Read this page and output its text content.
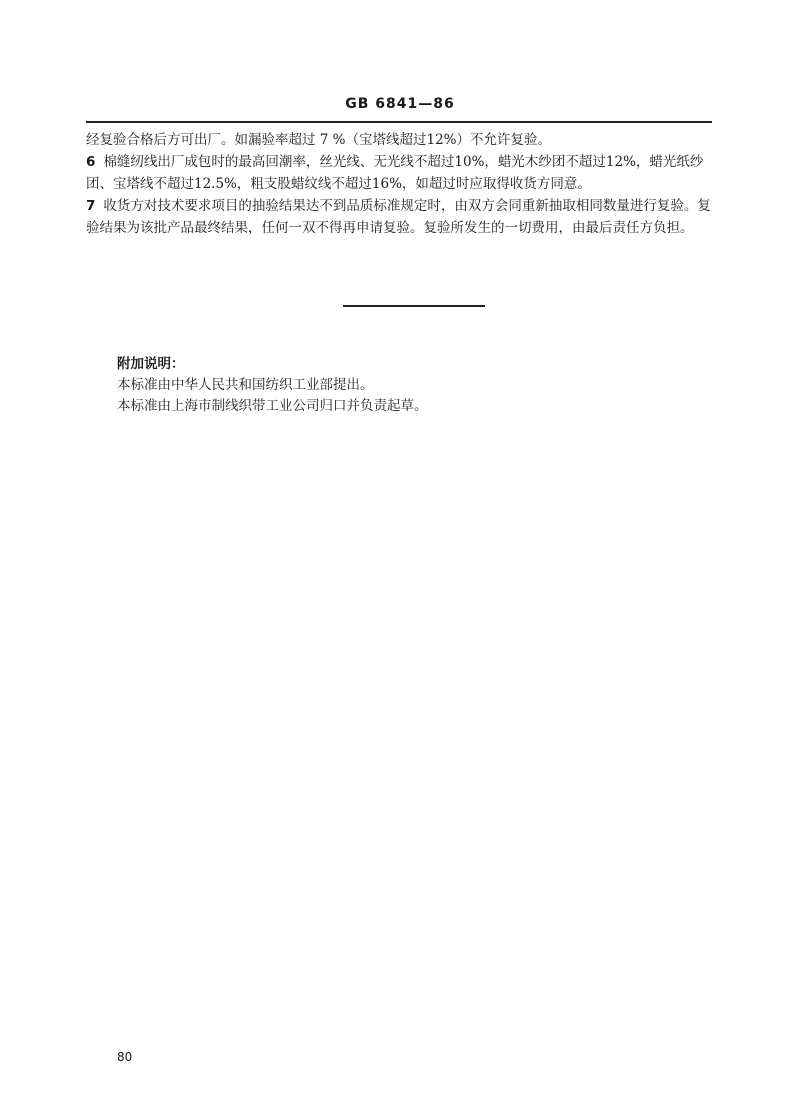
GB 6841—86

经复验合格后方可出厂。如漏验率超过 7 %（宝塔线超过12%）不允许复验。

6 棉缝纫线出厂成包时的最高回潮率，丝光线、无光线不超过10%，蜡光木纱团不超过12%，蜡光纸纱团、宝塔线不超过12.5%，粗支股蜡纹线不超过16%，如超过时应取得收货方同意。

7 收货方对技术要求项目的抽验结果达不到品质标准规定时，由双方会同重新抽取相同数量进行复验。复验结果为该批产品最终结果，任何一双不得再申请复验。复验所发生的一切费用，由最后责任方负担。

附加说明：

本标准由中华人民共和国纺织工业部提出。

本标准由上海市制线织带工业公司归口并负责起草。

80
